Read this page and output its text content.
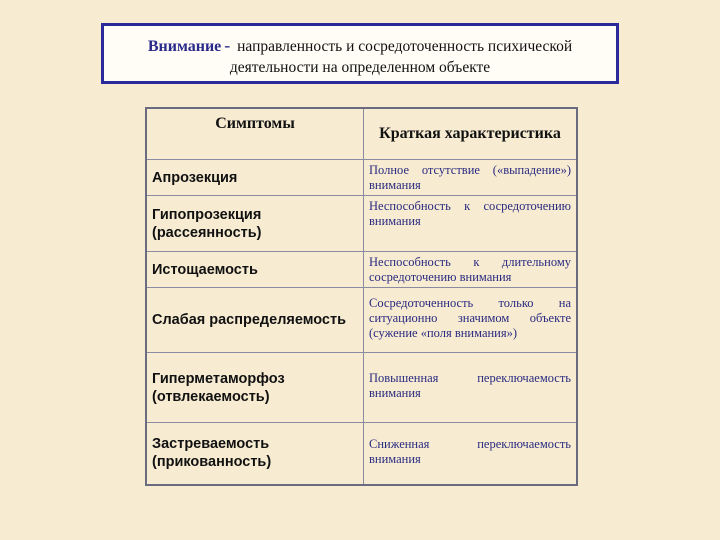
Внимание - направленность и сосредоточенность психической деятельности на определенном объекте
Симптомы	Краткая характеристика
Апрозекция	Полное отсутствие («выпадение») внимания
Гипопрозекция (рассеянность)	Неспособность к сосредоточению внимания
Истощаемость	Неспособность к длительному сосредоточению внимания
Слабая распределяемость	Сосредоточенность только на ситуационно значимом объекте (сужение «поля внимания»)
Гиперметаморфоз (отвлекаемость)	Повышенная переключаемость внимания
Застреваемость (прикованность)	Сниженная переключаемость внимания
